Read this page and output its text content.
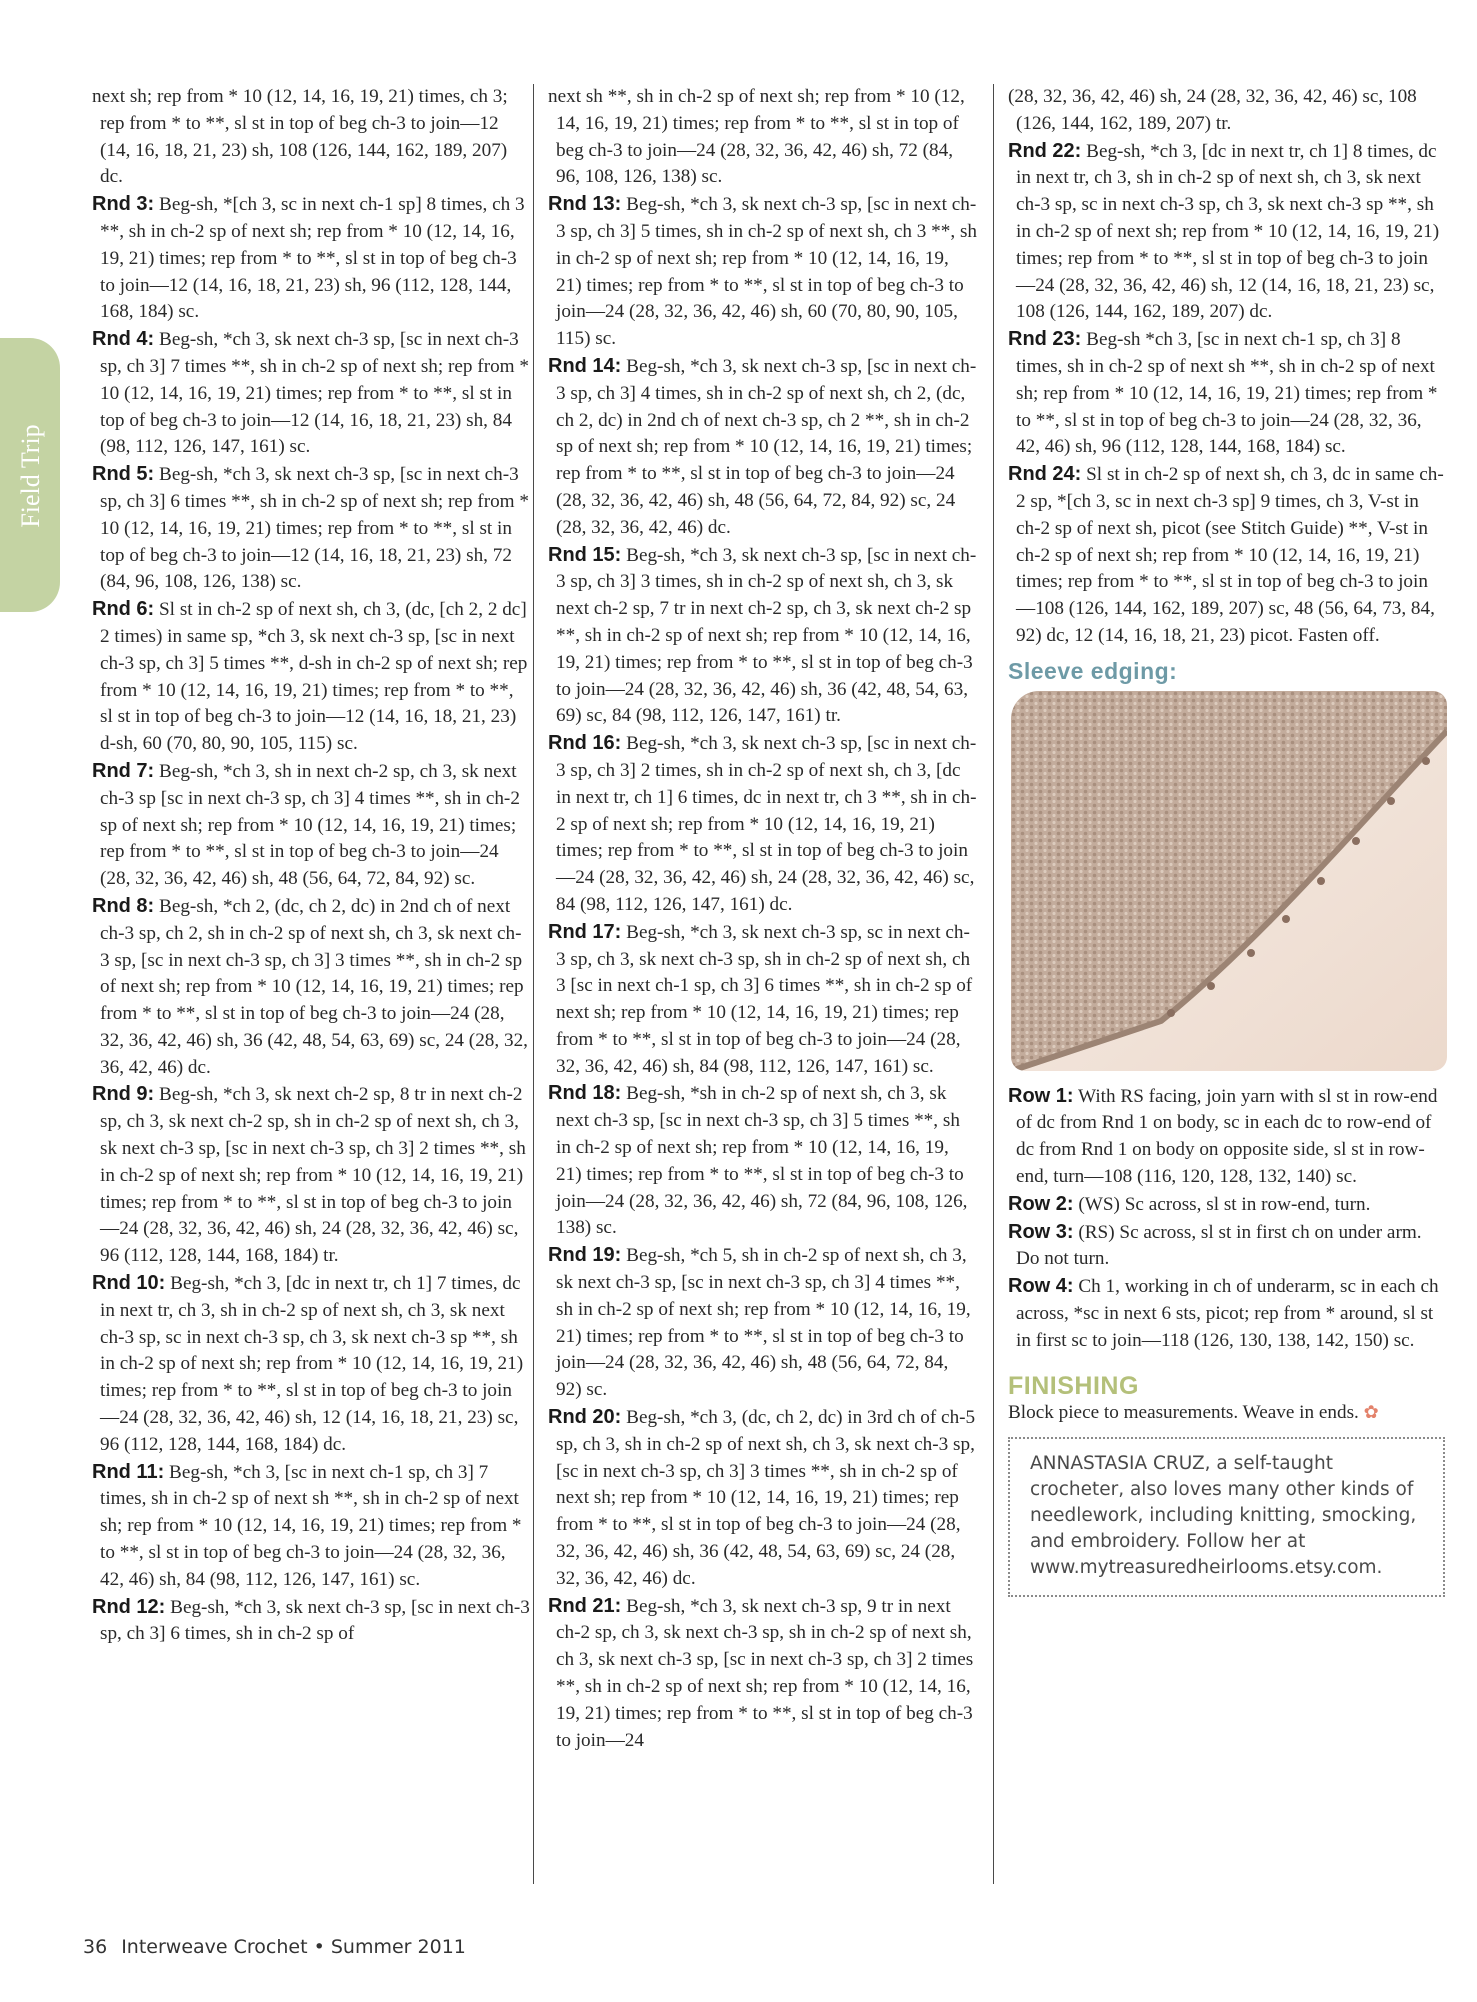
Field Trip

next sh; rep from * 10 (12, 14, 16, 19, 21) times, ch 3; rep from * to **, sl st in top of beg ch-3 to join—12 (14, 16, 18, 21, 23) sh, 108 (126, 144, 162, 189, 207) dc.

Rnd 3: Beg-sh, *[ch 3, sc in next ch-1 sp] 8 times, ch 3 **, sh in ch-2 sp of next sh; rep from * 10 (12, 14, 16, 19, 21) times; rep from * to **, sl st in top of beg ch-3 to join—12 (14, 16, 18, 21, 23) sh, 96 (112, 128, 144, 168, 184) sc.

Rnd 4: Beg-sh, *ch 3, sk next ch-3 sp, [sc in next ch-3 sp, ch 3] 7 times **, sh in ch-2 sp of next sh; rep from * 10 (12, 14, 16, 19, 21) times; rep from * to **, sl st in top of beg ch-3 to join—12 (14, 16, 18, 21, 23) sh, 84 (98, 112, 126, 147, 161) sc.

Rnd 5: Beg-sh, *ch 3, sk next ch-3 sp, [sc in next ch-3 sp, ch 3] 6 times **, sh in ch-2 sp of next sh; rep from * 10 (12, 14, 16, 19, 21) times; rep from * to **, sl st in top of beg ch-3 to join—12 (14, 16, 18, 21, 23) sh, 72 (84, 96, 108, 126, 138) sc.

Rnd 6: Sl st in ch-2 sp of next sh, ch 3, (dc, [ch 2, 2 dc] 2 times) in same sp, *ch 3, sk next ch-3 sp, [sc in next ch-3 sp, ch 3] 5 times **, d-sh in ch-2 sp of next sh; rep from * 10 (12, 14, 16, 19, 21) times; rep from * to **, sl st in top of beg ch-3 to join—12 (14, 16, 18, 21, 23) d-sh, 60 (70, 80, 90, 105, 115) sc.

Rnd 7: Beg-sh, *ch 3, sh in next ch-2 sp, ch 3, sk next ch-3 sp [sc in next ch-3 sp, ch 3] 4 times **, sh in ch-2 sp of next sh; rep from * 10 (12, 14, 16, 19, 21) times; rep from * to **, sl st in top of beg ch-3 to join—24 (28, 32, 36, 42, 46) sh, 48 (56, 64, 72, 84, 92) sc.

Rnd 8: Beg-sh, *ch 2, (dc, ch 2, dc) in 2nd ch of next ch-3 sp, ch 2, sh in ch-2 sp of next sh, ch 3, sk next ch-3 sp, [sc in next ch-3 sp, ch 3] 3 times **, sh in ch-2 sp of next sh; rep from * 10 (12, 14, 16, 19, 21) times; rep from * to **, sl st in top of beg ch-3 to join—24 (28, 32, 36, 42, 46) sh, 36 (42, 48, 54, 63, 69) sc, 24 (28, 32, 36, 42, 46) dc.

Rnd 9: Beg-sh, *ch 3, sk next ch-2 sp, 8 tr in next ch-2 sp, ch 3, sk next ch-2 sp, sh in ch-2 sp of next sh, ch 3, sk next ch-3 sp, [sc in next ch-3 sp, ch 3] 2 times **, sh in ch-2 sp of next sh; rep from * 10 (12, 14, 16, 19, 21) times; rep from * to **, sl st in top of beg ch-3 to join—24 (28, 32, 36, 42, 46) sh, 24 (28, 32, 36, 42, 46) sc, 96 (112, 128, 144, 168, 184) tr.

Rnd 10: Beg-sh, *ch 3, [dc in next tr, ch 1] 7 times, dc in next tr, ch 3, sh in ch-2 sp of next sh, ch 3, sk next ch-3 sp, sc in next ch-3 sp, ch 3, sk next ch-3 sp **, sh in ch-2 sp of next sh; rep from * 10 (12, 14, 16, 19, 21) times; rep from * to **, sl st in top of beg ch-3 to join—24 (28, 32, 36, 42, 46) sh, 12 (14, 16, 18, 21, 23) sc, 96 (112, 128, 144, 168, 184) dc.

Rnd 11: Beg-sh, *ch 3, [sc in next ch-1 sp, ch 3] 7 times, sh in ch-2 sp of next sh **, sh in ch-2 sp of next sh; rep from * 10 (12, 14, 16, 19, 21) times; rep from * to **, sl st in top of beg ch-3 to join—24 (28, 32, 36, 42, 46) sh, 84 (98, 112, 126, 147, 161) sc.

Rnd 12: Beg-sh, *ch 3, sk next ch-3 sp, [sc in next ch-3 sp, ch 3] 6 times, sh in ch-2 sp of

next sh **, sh in ch-2 sp of next sh; rep from * 10 (12, 14, 16, 19, 21) times; rep from * to **, sl st in top of beg ch-3 to join—24 (28, 32, 36, 42, 46) sh, 72 (84, 96, 108, 126, 138) sc.

Rnd 13: Beg-sh, *ch 3, sk next ch-3 sp, [sc in next ch-3 sp, ch 3] 5 times, sh in ch-2 sp of next sh, ch 3 **, sh in ch-2 sp of next sh; rep from * 10 (12, 14, 16, 19, 21) times; rep from * to **, sl st in top of beg ch-3 to join—24 (28, 32, 36, 42, 46) sh, 60 (70, 80, 90, 105, 115) sc.

Rnd 14: Beg-sh, *ch 3, sk next ch-3 sp, [sc in next ch-3 sp, ch 3] 4 times, sh in ch-2 sp of next sh, ch 2, (dc, ch 2, dc) in 2nd ch of next ch-3 sp, ch 2 **, sh in ch-2 sp of next sh; rep from * 10 (12, 14, 16, 19, 21) times; rep from * to **, sl st in top of beg ch-3 to join—24 (28, 32, 36, 42, 46) sh, 48 (56, 64, 72, 84, 92) sc, 24 (28, 32, 36, 42, 46) dc.

Rnd 15: Beg-sh, *ch 3, sk next ch-3 sp, [sc in next ch-3 sp, ch 3] 3 times, sh in ch-2 sp of next sh, ch 3, sk next ch-2 sp, 7 tr in next ch-2 sp, ch 3, sk next ch-2 sp **, sh in ch-2 sp of next sh; rep from * 10 (12, 14, 16, 19, 21) times; rep from * to **, sl st in top of beg ch-3 to join—24 (28, 32, 36, 42, 46) sh, 36 (42, 48, 54, 63, 69) sc, 84 (98, 112, 126, 147, 161) tr.

Rnd 16: Beg-sh, *ch 3, sk next ch-3 sp, [sc in next ch-3 sp, ch 3] 2 times, sh in ch-2 sp of next sh, ch 3, [dc in next tr, ch 1] 6 times, dc in next tr, ch 3 **, sh in ch-2 sp of next sh; rep from * 10 (12, 14, 16, 19, 21) times; rep from * to **, sl st in top of beg ch-3 to join—24 (28, 32, 36, 42, 46) sh, 24 (28, 32, 36, 42, 46) sc, 84 (98, 112, 126, 147, 161) dc.

Rnd 17: Beg-sh, *ch 3, sk next ch-3 sp, sc in next ch-3 sp, ch 3, sk next ch-3 sp, sh in ch-2 sp of next sh, ch 3 [sc in next ch-1 sp, ch 3] 6 times **, sh in ch-2 sp of next sh; rep from * 10 (12, 14, 16, 19, 21) times; rep from * to **, sl st in top of beg ch-3 to join—24 (28, 32, 36, 42, 46) sh, 84 (98, 112, 126, 147, 161) sc.

Rnd 18: Beg-sh, *sh in ch-2 sp of next sh, ch 3, sk next ch-3 sp, [sc in next ch-3 sp, ch 3] 5 times **, sh in ch-2 sp of next sh; rep from * 10 (12, 14, 16, 19, 21) times; rep from * to **, sl st in top of beg ch-3 to join—24 (28, 32, 36, 42, 46) sh, 72 (84, 96, 108, 126, 138) sc.

Rnd 19: Beg-sh, *ch 5, sh in ch-2 sp of next sh, ch 3, sk next ch-3 sp, [sc in next ch-3 sp, ch 3] 4 times **, sh in ch-2 sp of next sh; rep from * 10 (12, 14, 16, 19, 21) times; rep from * to **, sl st in top of beg ch-3 to join—24 (28, 32, 36, 42, 46) sh, 48 (56, 64, 72, 84, 92) sc.

Rnd 20: Beg-sh, *ch 3, (dc, ch 2, dc) in 3rd ch of ch-5 sp, ch 3, sh in ch-2 sp of next sh, ch 3, sk next ch-3 sp, [sc in next ch-3 sp, ch 3] 3 times **, sh in ch-2 sp of next sh; rep from * 10 (12, 14, 16, 19, 21) times; rep from * to **, sl st in top of beg ch-3 to join—24 (28, 32, 36, 42, 46) sh, 36 (42, 48, 54, 63, 69) sc, 24 (28, 32, 36, 42, 46) dc.

Rnd 21: Beg-sh, *ch 3, sk next ch-3 sp, 9 tr in next ch-2 sp, ch 3, sk next ch-3 sp, sh in ch-2 sp of next sh, ch 3, sk next ch-3 sp, [sc in next ch-3 sp, ch 3] 2 times **, sh in ch-2 sp of next sh; rep from * 10 (12, 14, 16, 19, 21) times; rep from * to **, sl st in top of beg ch-3 to join—24

(28, 32, 36, 42, 46) sh, 24 (28, 32, 36, 42, 46) sc, 108 (126, 144, 162, 189, 207) tr.

Rnd 22: Beg-sh, *ch 3, [dc in next tr, ch 1] 8 times, dc in next tr, ch 3, sh in ch-2 sp of next sh, ch 3, sk next ch-3 sp, sc in next ch-3 sp, ch 3, sk next ch-3 sp **, sh in ch-2 sp of next sh; rep from * 10 (12, 14, 16, 19, 21) times; rep from * to **, sl st in top of beg ch-3 to join—24 (28, 32, 36, 42, 46) sh, 12 (14, 16, 18, 21, 23) sc, 108 (126, 144, 162, 189, 207) dc.

Rnd 23: Beg-sh *ch 3, [sc in next ch-1 sp, ch 3] 8 times, sh in ch-2 sp of next sh **, sh in ch-2 sp of next sh; rep from * 10 (12, 14, 16, 19, 21) times; rep from * to **, sl st in top of beg ch-3 to join—24 (28, 32, 36, 42, 46) sh, 96 (112, 128, 144, 168, 184) sc.

Rnd 24: Sl st in ch-2 sp of next sh, ch 3, dc in same ch-2 sp, *[ch 3, sc in next ch-3 sp] 9 times, ch 3, V-st in ch-2 sp of next sh, picot (see Stitch Guide) **, V-st in ch-2 sp of next sh; rep from * 10 (12, 14, 16, 19, 21) times; rep from * to **, sl st in top of beg ch-3 to join—108 (126, 144, 162, 189, 207) sc, 48 (56, 64, 73, 84, 92) dc, 12 (14, 16, 18, 21, 23) picot. Fasten off.

Sleeve edging:

Row 1: With RS facing, join yarn with sl st in row-end of dc from Rnd 1 on body, sc in each dc to row-end of dc from Rnd 1 on body on opposite side, sl st in row-end, turn—108 (116, 120, 128, 132, 140) sc.

Row 2: (WS) Sc across, sl st in row-end, turn.

Row 3: (RS) Sc across, sl st in first ch on under arm. Do not turn.

Row 4: Ch 1, working in ch of underarm, sc in each ch across, *sc in next 6 sts, picot; rep from * around, sl st in first sc to join—118 (126, 130, 138, 142, 150) sc.

FINISHING

Block piece to measurements. Weave in ends. ✿

ANNASTASIA CRUZ, a self-taught crocheter, also loves many other kinds of needlework, including knitting, smocking, and embroidery. Follow her at www.mytreasuredheirlooms.etsy.com.
36 Interweave Crochet • Summer 2011
